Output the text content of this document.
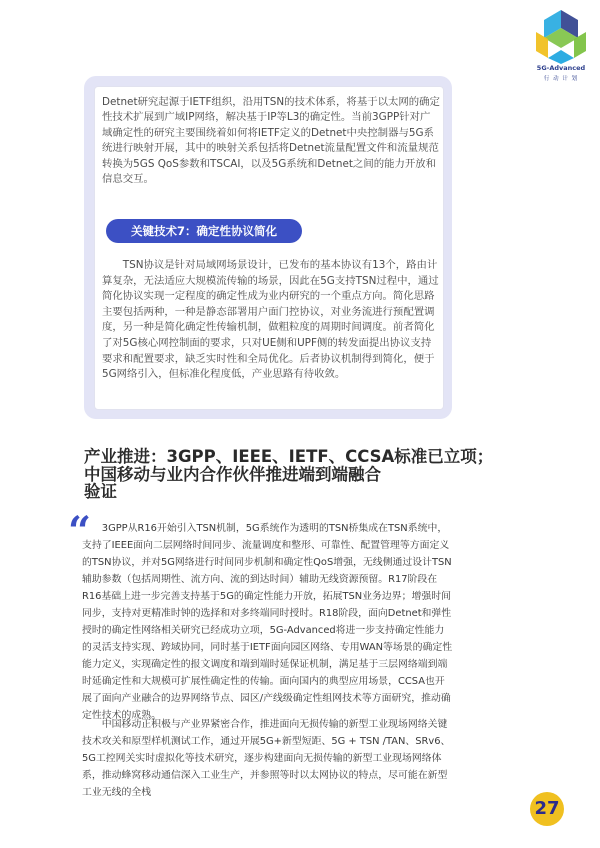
5G-Advanced
行 动 计 划

Detnet研究起源于IETF组织，沿用TSN的技术体系，将基于以太网的确定性技术扩展到广域IP网络，解决基于IP等L3的确定性。当前3GPP针对广域确定性的研究主要围绕着如何将IETF定义的Detnet中央控制器与5G系统进行映射开展，其中的映射关系包括将Detnet流量配置文件和流量规范转换为5GS QoS参数和TSCAI，以及5G系统和Detnet之间的能力开放和信息交互。

关键技术7：确定性协议简化

TSN协议是针对局域网场景设计，已发布的基本协议有13个，路由计算复杂，无法适应大规模流传输的场景，因此在5G支持TSN过程中，通过简化协议实现一定程度的确定性成为业内研究的一个重点方向。简化思路主要包括两种，一种是静态部署用户面门控协议，对业务流进行预配置调度，另一种是简化确定性传输机制，做粗粒度的周期时间调度。前者简化了对5G核心网控制面的要求，只对UE侧和UPF侧的转发面提出协议支持要求和配置要求，缺乏实时性和全局优化。后者协议机制得到简化，便于5G网络引入，但标准化程度低，产业思路有待收敛。

产业推进：3GPP、IEEE、IETF、CCSA标准已立项；
中国移动与业内合作伙伴推进端到端融合
验证
“	3GPP从R16开始引入TSN机制，5G系统作为透明的TSN桥集成在TSN系统中，支持了IEEE面向二层网络时间同步、流量调度和整形、可靠性、配置管理等方面定义的TSN协议，并对5G网络进行时间同步机制和确定性QoS增强，无线侧通过设计TSN辅助参数（包括周期性、流方向、流的到达时间）辅助无线资源预留。R17阶段在R16基础上进一步完善支持基于5G的确定性能力开放，拓展TSN业务边界；增强时间同步，支持对更精准时钟的选择和对多终端同时授时。R18阶段，面向Detnet和弹性授时的确定性网络相关研究已经成功立项，5G-Advanced将进一步支持确定性能力的灵活支持实现、跨域协同，同时基于IETF面向园区网络、专用WAN等场景的确定性能力定义，实现确定性的报文调度和端到端时延保证机制，满足基于三层网络端到端时延确定性和大规模可扩展性确定性的传输。面向国内的典型应用场景，CCSA也开展了面向产业融合的边界网络节点、园区/产线级确定性组网技术等方面研究，推动确定性技术的成熟。

中国移动正积极与产业界紧密合作，推进面向无损传输的新型工业现场网络关键技术攻关和原型样机测试工作，通过开展5G+新型短距、5G + TSN /TAN、SRv6、5G工控网关实时虚拟化等技术研究，逐步构建面向无损传输的新型工业现场网络体系，推动蜂窝移动通信深入工业生产，并参照等时以太网协议的特点，尽可能在新型工业无线的全栈

27
